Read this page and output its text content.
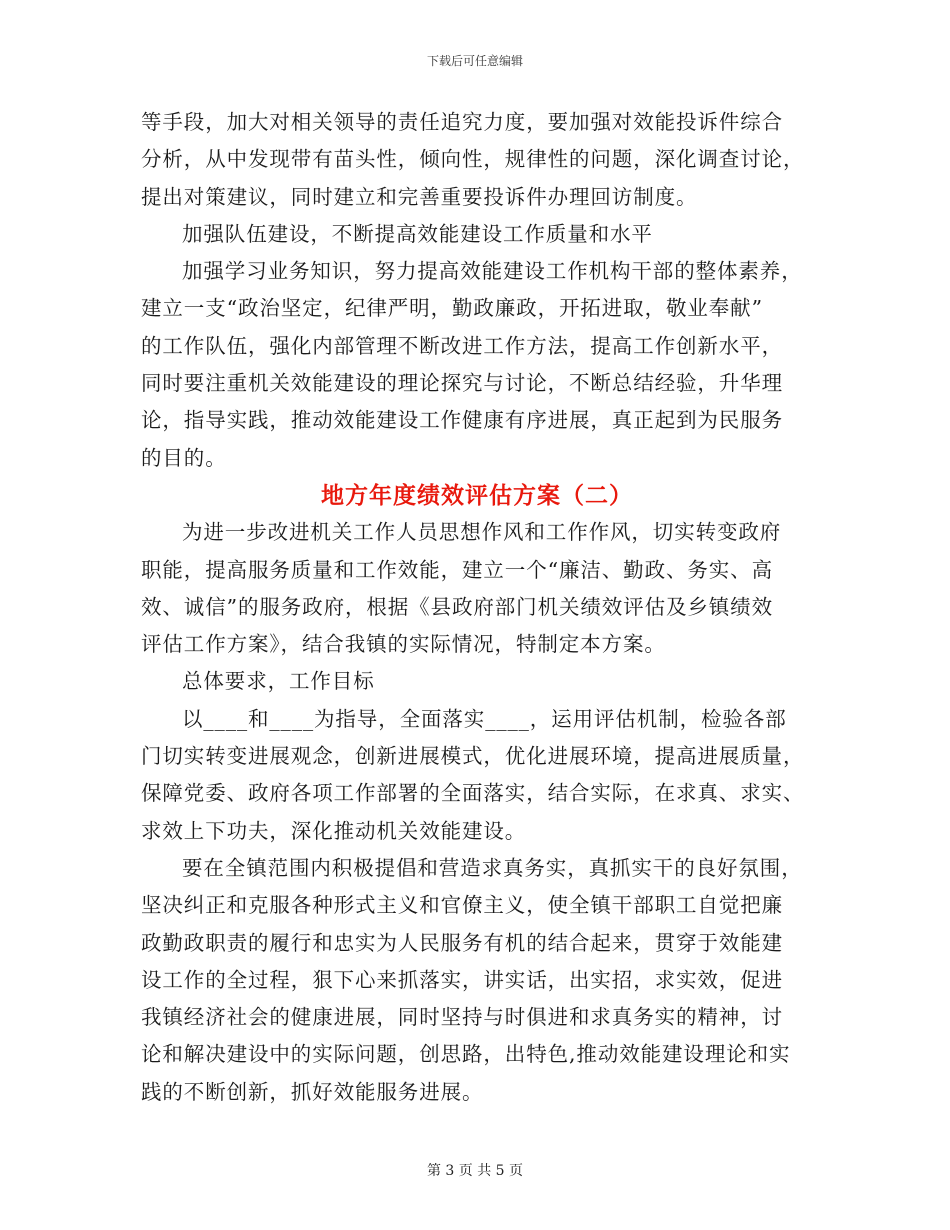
下载后可任意编辑
等手段，加大对相关领导的责任追究力度，要加强对效能投诉件综合
分析，从中发现带有苗头性，倾向性，规律性的问题，深化调查讨论，
提出对策建议，同时建立和完善重要投诉件办理回访制度。
加强队伍建设，不断提高效能建设工作质量和水平
加强学习业务知识，努力提高效能建设工作机构干部的整体素养，
建立一支“政治坚定，纪律严明，勤政廉政，开拓进取，敬业奉献”
的工作队伍，强化内部管理不断改进工作方法，提高工作创新水平，
同时要注重机关效能建设的理论探究与讨论，不断总结经验，升华理
论，指导实践，推动效能建设工作健康有序进展，真正起到为民服务
的目的。
地方年度绩效评估方案（二）
为进一步改进机关工作人员思想作风和工作作风，切实转变政府
职能，提高服务质量和工作效能，建立一个“廉洁、勤政、务实、高
效、诚信”的服务政府，根据《县政府部门机关绩效评估及乡镇绩效
评估工作方案》，结合我镇的实际情况，特制定本方案。
总体要求，工作目标
以____和____为指导，全面落实____，运用评估机制，检验各部
门切实转变进展观念，创新进展模式，优化进展环境，提高进展质量，
保障党委、政府各项工作部署的全面落实，结合实际，在求真、求实、
求效上下功夫，深化推动机关效能建设。
要在全镇范围内积极提倡和营造求真务实，真抓实干的良好氛围，
坚决纠正和克服各种形式主义和官僚主义，使全镇干部职工自觉把廉
政勤政职责的履行和忠实为人民服务有机的结合起来，贯穿于效能建
设工作的全过程，狠下心来抓落实，讲实话，出实招，求实效，促进
我镇经济社会的健康进展，同时坚持与时俱进和求真务实的精神，讨
论和解决建设中的实际问题，创思路，出特色,推动效能建设理论和实
践的不断创新，抓好效能服务进展。
第 3 页 共 5 页
